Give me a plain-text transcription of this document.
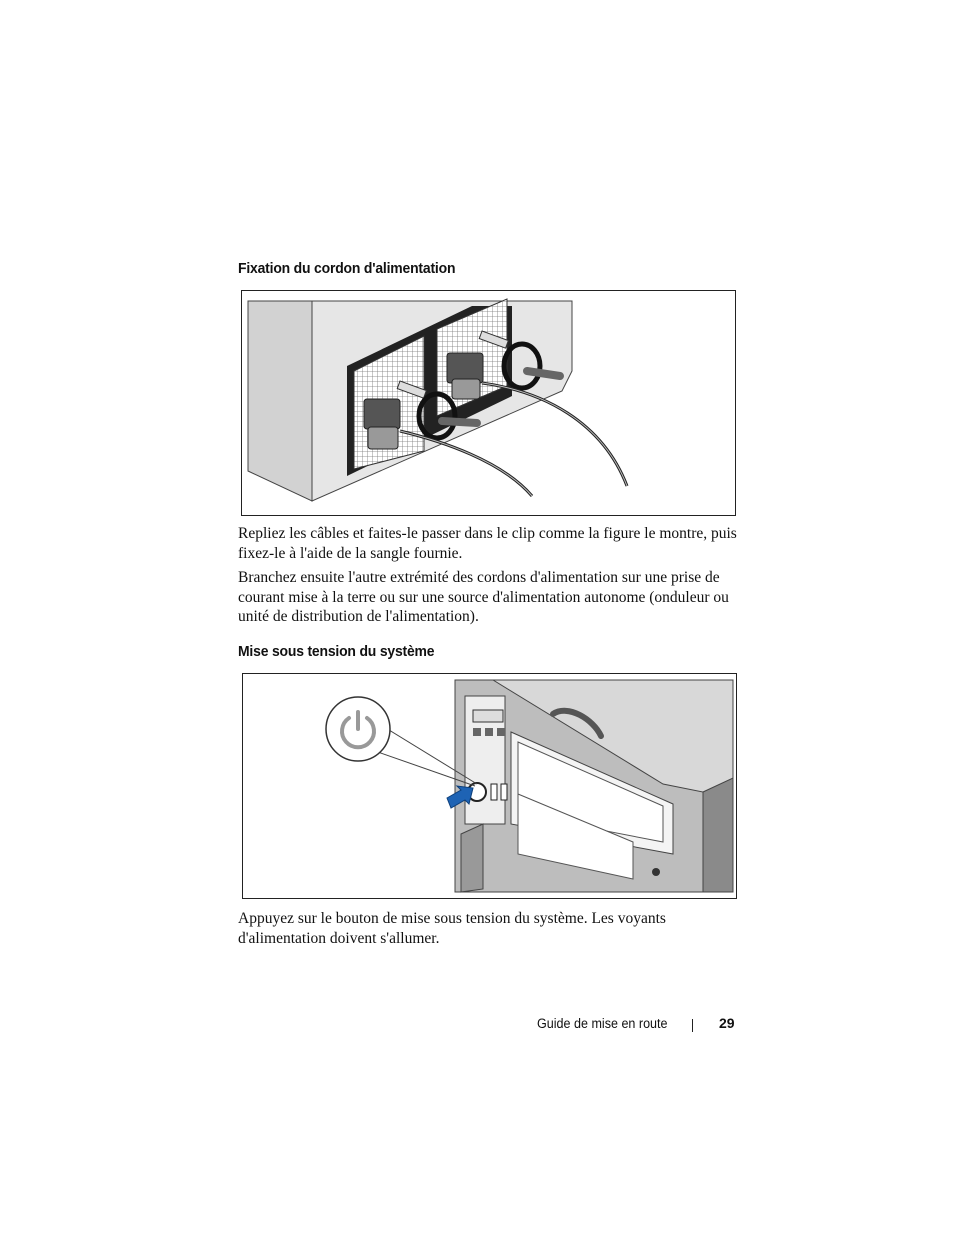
Fixation du cordon d'alimentation

Repliez les câbles et faites-le passer dans le clip comme la figure le montre, puis fixez-le à l'aide de la sangle fournie.

Branchez ensuite l'autre extrémité des cordons d'alimentation sur une prise de courant mise à la terre ou sur une source d'alimentation autonome (onduleur ou unité de distribution de l'alimentation).

Mise sous tension du système

Appuyez sur le bouton de mise sous tension du système. Les voyants d'alimentation doivent s'allumer.

Guide de mise en route	29
